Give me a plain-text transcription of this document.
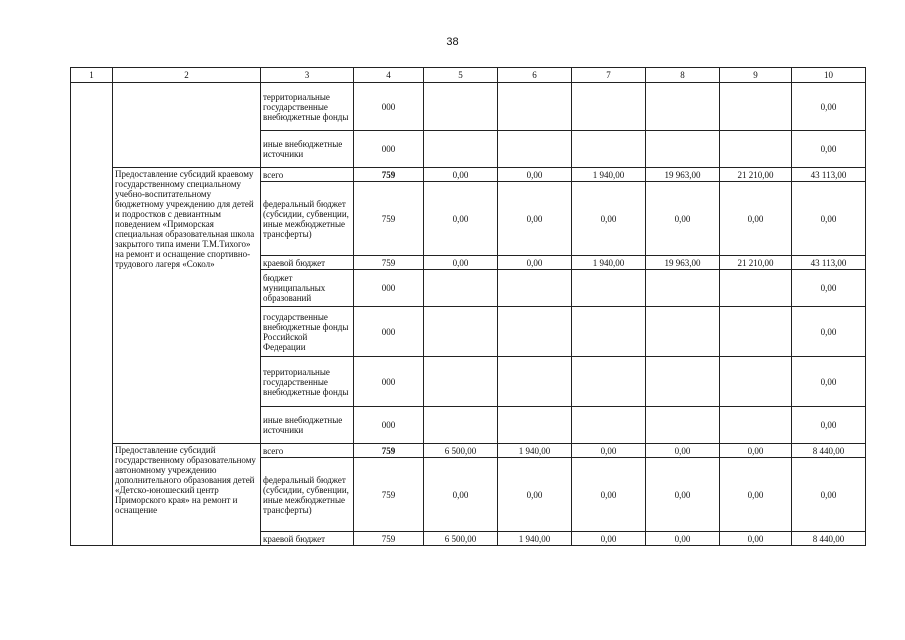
38
1	2	3	4	5	6	7	8	9	10
		территориальные государственные внебюджетные фонды	000						0,00
		иные внебюджетные источники	000						0,00
	Предоставление субсидий краевому государственному специальному учебно-воспитательному бюджетному учреждению для детей и подростков с девиантным поведением «Приморская специальная образовательная школа закрытого типа имени Т.М.Тихого» на ремонт и оснащение спортивно-трудового лагеря «Сокол»	всего	759	0,00	0,00	1 940,00	19 963,00	21 210,00	43 113,00
		федеральный бюджет (субсидии, субвенции, иные межбюджетные трансферты)	759	0,00	0,00	0,00	0,00	0,00	0,00
		краевой бюджет	759	0,00	0,00	1 940,00	19 963,00	21 210,00	43 113,00
		бюджет муниципальных образований	000						0,00
		государственные внебюджетные фонды Российской Федерации	000						0,00
		территориальные государственные внебюджетные фонды	000						0,00
		иные внебюджетные источники	000						0,00
	Предоставление субсидий государственному образовательному автономному учреждению дополнительного образования детей «Детско-юношеский центр Приморского края» на ремонт и оснащение	всего	759	6 500,00	1 940,00	0,00	0,00	0,00	8 440,00
		федеральный бюджет (субсидии, субвенции, иные межбюджетные трансферты)	759	0,00	0,00	0,00	0,00	0,00	0,00
		краевой бюджет	759	6 500,00	1 940,00	0,00	0,00	0,00	8 440,00
